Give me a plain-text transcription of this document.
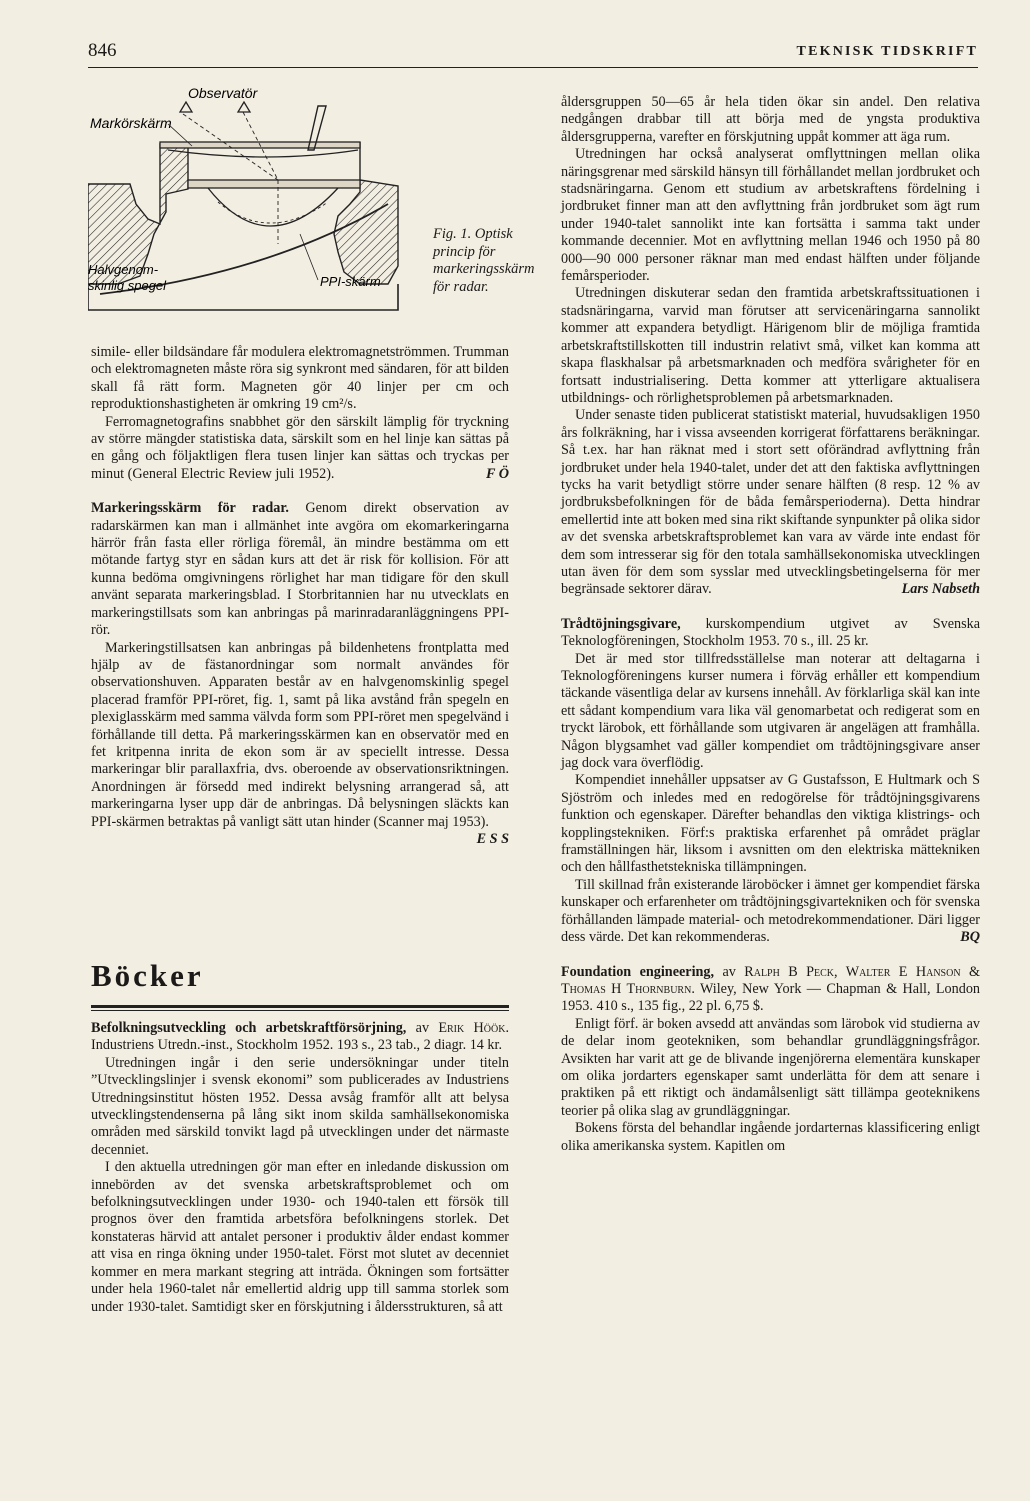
846	TEKNISK TIDSKRIFT
Observatör
Markörskärm
Halvgenom-
skinlig spegel	PPI-skärm
Fig. 1. Optisk princip för markeringsskärm för radar.

simile- eller bildsändare får modulera elektromagnetströmmen. Trumman och elektromagneten måste röra sig synkront med sändaren, för att bilden skall få rätt form. Magneten gör 40 linjer per cm och reproduktionshastigheten är omkring 19 cm²/s.

Ferromagnetografins snabbhet gör den särskilt lämplig för tryckning av större mängder statistiska data, särskilt som en hel linje kan sättas på en gång och följaktligen flera tusen linjer kan sättas och tryckas per minut (General Electric Review juli 1952).	F Ö

Markeringsskärm för radar. Genom direkt observation av radarskärmen kan man i allmänhet inte avgöra om ekomarkeringarna härrör från fasta eller rörliga föremål, än mindre bestämma om ett mötande fartyg styr en sådan kurs att det är risk för kollision. För att kunna bedöma omgivningens rörlighet har man tidigare för den skull använt separata markeringsblad. I Storbritannien har nu utvecklats en markeringstillsats som kan anbringas på marinradaranläggningens PPI-rör.

Markeringstillsatsen kan anbringas på bildenhetens frontplatta med hjälp av de fästanordningar som normalt användes för observationshuven. Apparaten består av en halvgenomskinlig spegel placerad framför PPI-röret, fig. 1, samt på lika avstånd från spegeln en plexiglasskärm med samma välvda form som PPI-röret men spegelvänd i förhållande till detta. På markeringsskärmen kan en observatör med en fet kritpenna inrita de ekon som är av speciellt intresse. Dessa markeringar blir parallaxfria, dvs. oberoende av observationsriktningen. Anordningen är försedd med indirekt belysning arrangerad så, att markeringarna lyser upp där de anbringas. Då belysningen släckts kan PPI-skärmen betraktas på vanligt sätt utan hinder (Scanner maj 1953).
E S S

Böcker

Befolkningsutveckling och arbetskraftförsörjning, av Erik Höök. Industriens Utredn.-inst., Stockholm 1952. 193 s., 23 tab., 2 diagr. 14 kr.

Utredningen ingår i den serie undersökningar under titeln ”Utvecklingslinjer i svensk ekonomi” som publicerades av Industriens Utredningsinstitut hösten 1952. Dessa avsåg framför allt att belysa utvecklingstendenserna på lång sikt inom skilda samhällsekonomiska områden med särskild tonvikt lagd på utvecklingen under det närmaste decenniet.

I den aktuella utredningen gör man efter en inledande diskussion om innebörden av det svenska arbetskraftsproblemet och om befolkningsutvecklingen under 1930- och 1940-talen ett försök till prognos över den framtida arbetsföra befolkningens storlek. Det konstateras härvid att antalet personer i produktiv ålder endast kommer att visa en ringa ökning under 1950-talet. Först mot slutet av decenniet kommer en mera markant stegring att inträda. Ökningen som fortsätter under hela 1960-talet når emellertid aldrig upp till samma storlek som under 1930-talet. Samtidigt sker en förskjutning i åldersstrukturen, så att

åldersgruppen 50—65 år hela tiden ökar sin andel. Den relativa nedgången drabbar till att börja med de yngsta produktiva åldersgrupperna, varefter en förskjutning uppåt kommer att äga rum.

Utredningen har också analyserat omflyttningen mellan olika näringsgrenar med särskild hänsyn till förhållandet mellan jordbruket och stadsnäringarna. Genom ett studium av arbetskraftens fördelning i jordbruket finner man att den avflyttning från jordbruket som ägt rum under 1940-talet sannolikt inte kan fortsätta i samma takt under kommande decennier. Mot en avflyttning mellan 1946 och 1950 på 80 000—90 000 personer räknar man med endast hälften under följande femårsperioder.

Utredningen diskuterar sedan den framtida arbetskraftssituationen i stadsnäringarna, varvid man förutser att servicenäringarna sannolikt kommer att expandera betydligt. Härigenom blir de möjliga framtida arbetskraftstillskotten till industrin relativt små, vilket kan komma att skapa flaskhalsar på arbetsmarknaden och medföra svårigheter för en fortsatt industrialisering. Detta kommer att ytterligare aktualisera utbildnings- och rörlighetsproblemen på arbetsmarknaden.

Under senaste tiden publicerat statistiskt material, huvudsakligen 1950 års folkräkning, har i vissa avseenden korrigerat författarens beräkningar. Så t.ex. har han räknat med i stort sett oförändrad avflyttning från jordbruket under hela 1940-talet, under det att den faktiska avflyttningen tycks ha varit betydligt större under senare hälften (8 resp. 12 % av jordbruksbefolkningen för de båda femårsperioderna). Detta hindrar emellertid inte att boken med sina rikt skiftande synpunkter på olika sidor av det svenska arbetskraftsproblemet kan vara av värde inte endast för dem som intresserar sig för den totala samhällsekonomiska utvecklingen utan även för dem som sysslar med utvecklingsbetingelserna för mer begränsade sektorer därav.	Lars Nabseth

Trådtöjningsgivare, kurskompendium utgivet av Svenska Teknologföreningen, Stockholm 1953. 70 s., ill. 25 kr.

Det är med stor tillfredsställelse man noterar att deltagarna i Teknologföreningens kurser numera i förväg erhåller ett kompendium täckande väsentliga delar av kursens innehåll. Av förklarliga skäl kan inte ett sådant kompendium vara lika väl genomarbetat och redigerat som en tryckt lärobok, ett förhållande som utgivaren är angelägen att framhålla. Någon blygsamhet vad gäller kompendiet om trådtöjningsgivare anser jag dock vara överflödig.

Kompendiet innehåller uppsatser av G Gustafsson, E Hultmark och S Sjöström och inledes med en redogörelse för trådtöjningsgivarens funktion och egenskaper. Därefter behandlas den viktiga klistrings- och kopplingstekniken. Förf:s praktiska erfarenhet på området präglar framställningen här, liksom i avsnitten om den elektriska mättekniken och den hållfasthetstekniska tillämpningen.

Till skillnad från existerande läroböcker i ämnet ger kompendiet färska kunskaper och erfarenheter om trådtöjningsgivartekniken och för svenska förhållanden lämpade material- och metodrekommendationer. Däri ligger dess värde. Det kan rekommenderas.	BQ

Foundation engineering, av Ralph B Peck, Walter E Hanson & Thomas H Thornburn. Wiley, New York — Chapman & Hall, London 1953. 410 s., 135 fig., 22 pl. 6,75 $.

Enligt förf. är boken avsedd att användas som lärobok vid studierna av de delar inom geotekniken, som behandlar grundläggningsfrågor. Avsikten har varit att ge de blivande ingenjörerna elementära kunskaper om olika jordarters egenskaper samt underlätta för dem att senare i praktiken på ett riktigt och ändamålsenligt sätt tillämpa geoteknikens teorier på olika slag av grundläggningar.

Bokens första del behandlar ingående jordarternas klassificering enligt olika amerikanska system. Kapitlen om
